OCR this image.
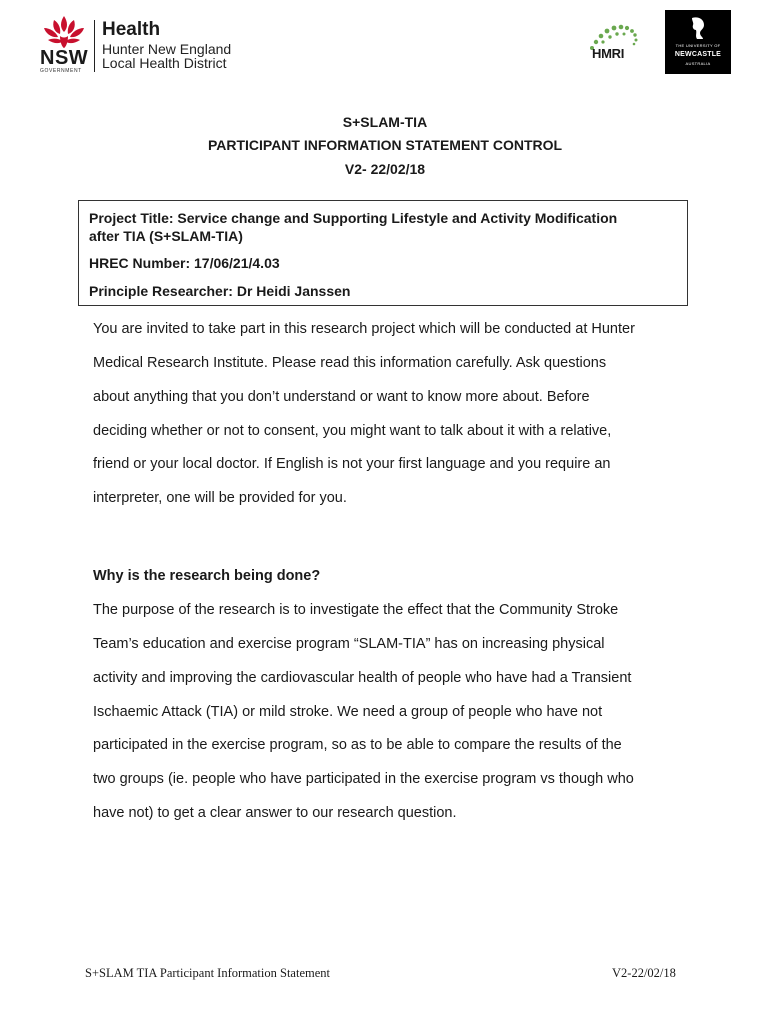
NSW
GOVERNMENT
Health
Hunter New England
Local Health District
HMRI
THE UNIVERSITY OF
NEWCASTLE
AUSTRALIA
S+SLAM-TIA
PARTICIPANT INFORMATION STATEMENT CONTROL
V2- 22/02/18
Project Title: Service change and Supporting Lifestyle and Activity Modification
after TIA (S+SLAM-TIA)
HREC Number: 17/06/21/4.03
Principle Researcher: Dr Heidi Janssen
You are invited to take part in this research project which will be conducted at Hunter
Medical Research Institute. Please read this information carefully. Ask questions
about anything that you don’t understand or want to know more about. Before
deciding whether or not to consent, you might want to talk about it with a relative,
friend or your local doctor. If English is not your first language and you require an
interpreter, one will be provided for you.
Why is the research being done?
The purpose of the research is to investigate the effect that the Community Stroke
Team’s education and exercise program “SLAM-TIA” has on increasing physical
activity and improving the cardiovascular health of people who have had a Transient
Ischaemic Attack (TIA) or mild stroke. We need a group of people who have not
participated in the exercise program, so as to be able to compare the results of the
two groups (ie. people who have participated in the exercise program vs though who
have not) to get a clear answer to our research question.
S+SLAM TIA Participant Information Statement	V2-22/02/18
